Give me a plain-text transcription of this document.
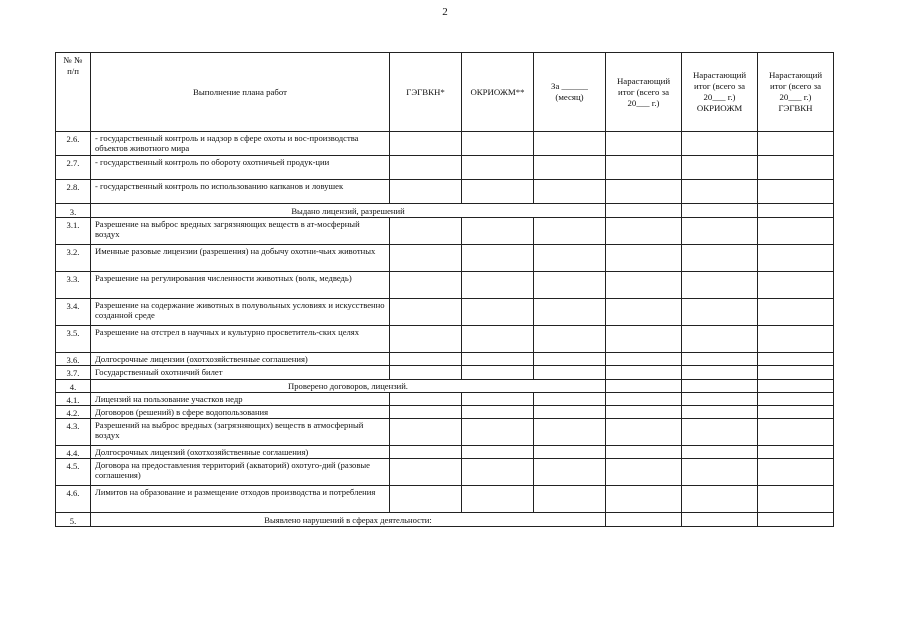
2
№ № п/п	Выполнение плана работ	ГЭГВКН*	ОКРИОЖМ**	За ______ (месяц)	Нарастающий итог (всего за 20___ г.)	Нарастающий итог (всего за 20___ г.) ОКРИОЖМ	Нарастающий итог (всего за 20___ г.) ГЭГВКН
2.6.	- государственный контроль и надзор в сфере охоты и вос-производства объектов животного мира						
2.7.	- государственный контроль по обороту охотничьей продук-ции						
2.8.	- государственный контроль по использованию капканов и ловушек						
3.	Выдано лицензий, разрешений						
3.1.	Разрешение на выброс вредных загрязняющих веществ в ат-мосферный воздух						
3.2.	Именные разовые лицензии (разрешения) на добычу охотни-чьих животных						
3.3.	Разрешение на регулирования численности животных (волк, медведь)						
3.4.	Разрешение на содержание животных в полувольных условиях и искусственно созданной среде						
3.5.	Разрешение на отстрел в научных и культурно просветитель-ских целях						
3.6.	Долгосрочные лицензии (охотхозяйственные соглашения)						
3.7.	Государственный охотничий билет						
4.	Проверено договоров, лицензий.						
4.1.	Лицензий на пользование участков недр						
4.2.	Договоров (решений) в сфере водопользования						
4.3.	Разрешений на выброс вредных (загрязняющих) веществ в атмосферный воздух						
4.4.	Долгосрочных лицензий (охотхозяйственные соглашения)						
4.5.	Договора на предоставления территорий (акваторий) охотуго-дий (разовые соглашения)						
4.6.	Лимитов на образование и размещение отходов производства и потребления						
5.	Выявлено нарушений в сферах деятельности:						
